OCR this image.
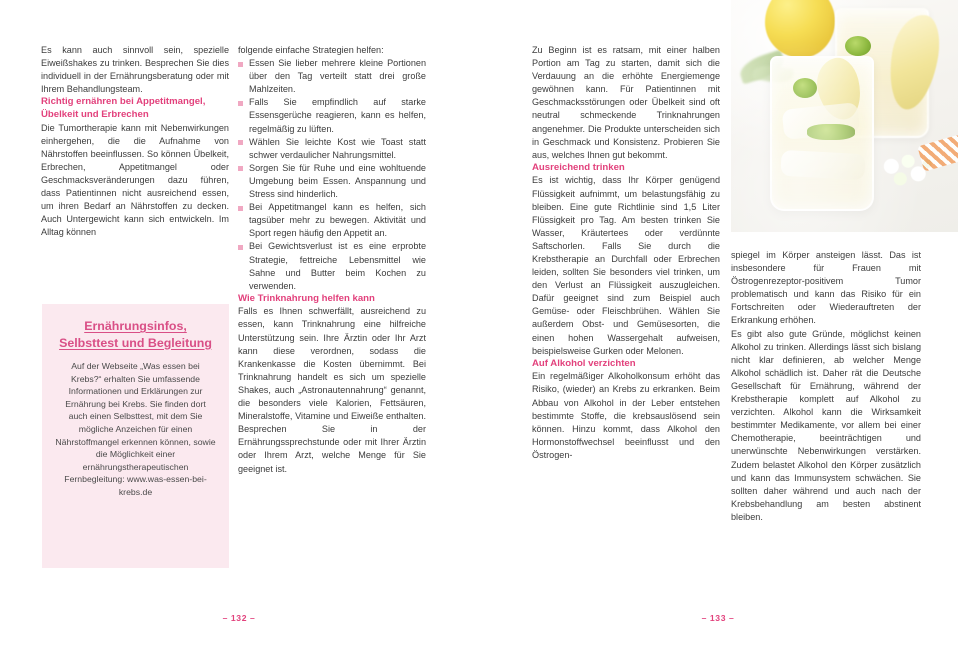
Es kann auch sinnvoll sein, spezielle Eiweißshakes zu trinken. Besprechen Sie dies individuell in der Ernährungsberatung oder mit Ihrem Behandlungsteam.

Richtig ernähren bei Appetitmangel, Übelkeit und Erbrechen

Die Tumortherapie kann mit Nebenwirkungen einhergehen, die die Aufnahme von Nährstoffen beeinflussen. So können Übelkeit, Erbrechen, Appetitmangel oder Geschmacksveränderungen dazu führen, dass Patientinnen nicht ausreichend essen, um ihren Bedarf an Nährstoffen zu decken. Auch Untergewicht kann sich entwickeln. Im Alltag können

Ernährungsinfos, Selbsttest und Begleitung

Auf der Webseite „Was essen bei Krebs?“ erhalten Sie umfassende Informationen und Erklärungen zur Ernährung bei Krebs. Sie finden dort auch einen Selbsttest, mit dem Sie mögliche Anzeichen für einen Nährstoffmangel erkennen können, sowie die Möglichkeit einer ernährungstherapeutischen Fernbegleitung: www.was-essen-bei-krebs.de

folgende einfache Strategien helfen:

Essen Sie lieber mehrere kleine Portionen über den Tag verteilt statt drei große Mahlzeiten.
Falls Sie empfindlich auf starke Essensgerüche reagieren, kann es helfen, regelmäßig zu lüften.
Wählen Sie leichte Kost wie Toast statt schwer verdaulicher Nahrungsmittel.
Sorgen Sie für Ruhe und eine wohltuende Umgebung beim Essen. Anspannung und Stress sind hinderlich.
Bei Appetitmangel kann es helfen, sich tagsüber mehr zu bewegen. Aktivität und Sport regen häufig den Appetit an.
Bei Gewichtsverlust ist es eine erprobte Strategie, fettreiche Lebensmittel wie Sahne und Butter beim Kochen zu verwenden.
Wie Trinknahrung helfen kann

Falls es Ihnen schwerfällt, ausreichend zu essen, kann Trinknahrung eine hilfreiche Unterstützung sein. Ihre Ärztin oder Ihr Arzt kann diese verordnen, sodass die Krankenkasse die Kosten übernimmt. Bei Trinknahrung handelt es sich um spezielle Shakes, auch „Astronautennahrung“ genannt, die besonders viele Kalorien, Fettsäuren, Mineralstoffe, Vitamine und Eiweiße enthalten. Besprechen Sie in der Ernährungssprechstunde oder mit Ihrer Ärztin oder Ihrem Arzt, welche Menge für Sie geeignet ist.

Zu Beginn ist es ratsam, mit einer halben Portion am Tag zu starten, damit sich die Verdauung an die erhöhte Energiemenge gewöhnen kann. Für Patientinnen mit Geschmacksstörungen oder Übelkeit sind oft neutral schmeckende Trinknahrungen angenehmer. Die Produkte unterscheiden sich in Geschmack und Konsistenz. Probieren Sie aus, welches Ihnen gut bekommt.

Ausreichend trinken

Es ist wichtig, dass Ihr Körper genügend Flüssigkeit aufnimmt, um belastungsfähig zu bleiben. Eine gute Richtlinie sind 1,5 Liter Flüssigkeit pro Tag. Am besten trinken Sie Wasser, Kräutertees oder verdünnte Saftschorlen. Falls Sie durch die Krebstherapie an Durchfall oder Erbrechen leiden, sollten Sie besonders viel trinken, um den Verlust an Flüssigkeit auszugleichen. Dafür geeignet sind zum Beispiel auch Gemüse- oder Fleischbrühen. Wählen Sie außerdem Obst- und Gemüsesorten, die einen hohen Wassergehalt aufweisen, beispielsweise Gurken oder Melonen.

Auf Alkohol verzichten

Ein regelmäßiger Alkoholkonsum erhöht das Risiko, (wieder) an Krebs zu erkranken. Beim Abbau von Alkohol in der Leber entstehen bestimmte Stoffe, die krebsauslösend sein können. Hinzu kommt, dass Alkohol den Hormonstoffwechsel beeinflusst und den Östrogen-

spiegel im Körper ansteigen lässt. Das ist insbesondere für Frauen mit Östrogenrezeptor-positivem Tumor problematisch und kann das Risiko für ein Fortschreiten oder Wiederauftreten der Erkrankung erhöhen.

Es gibt also gute Gründe, möglichst keinen Alkohol zu trinken. Allerdings lässt sich bislang nicht klar definieren, ab welcher Menge Alkohol schädlich ist. Daher rät die Deutsche Gesellschaft für Ernährung, während der Krebstherapie komplett auf Alkohol zu verzichten. Alkohol kann die Wirksamkeit bestimmter Medikamente, vor allem bei einer Chemotherapie, beeinträchtigen und unerwünschte Nebenwirkungen verstärken. Zudem belastet Alkohol den Körper zusätzlich und kann das Immunsystem schwächen. Sie sollten daher während und auch nach der Krebsbehandlung am besten abstinent bleiben.

– 132 –	– 133 –
